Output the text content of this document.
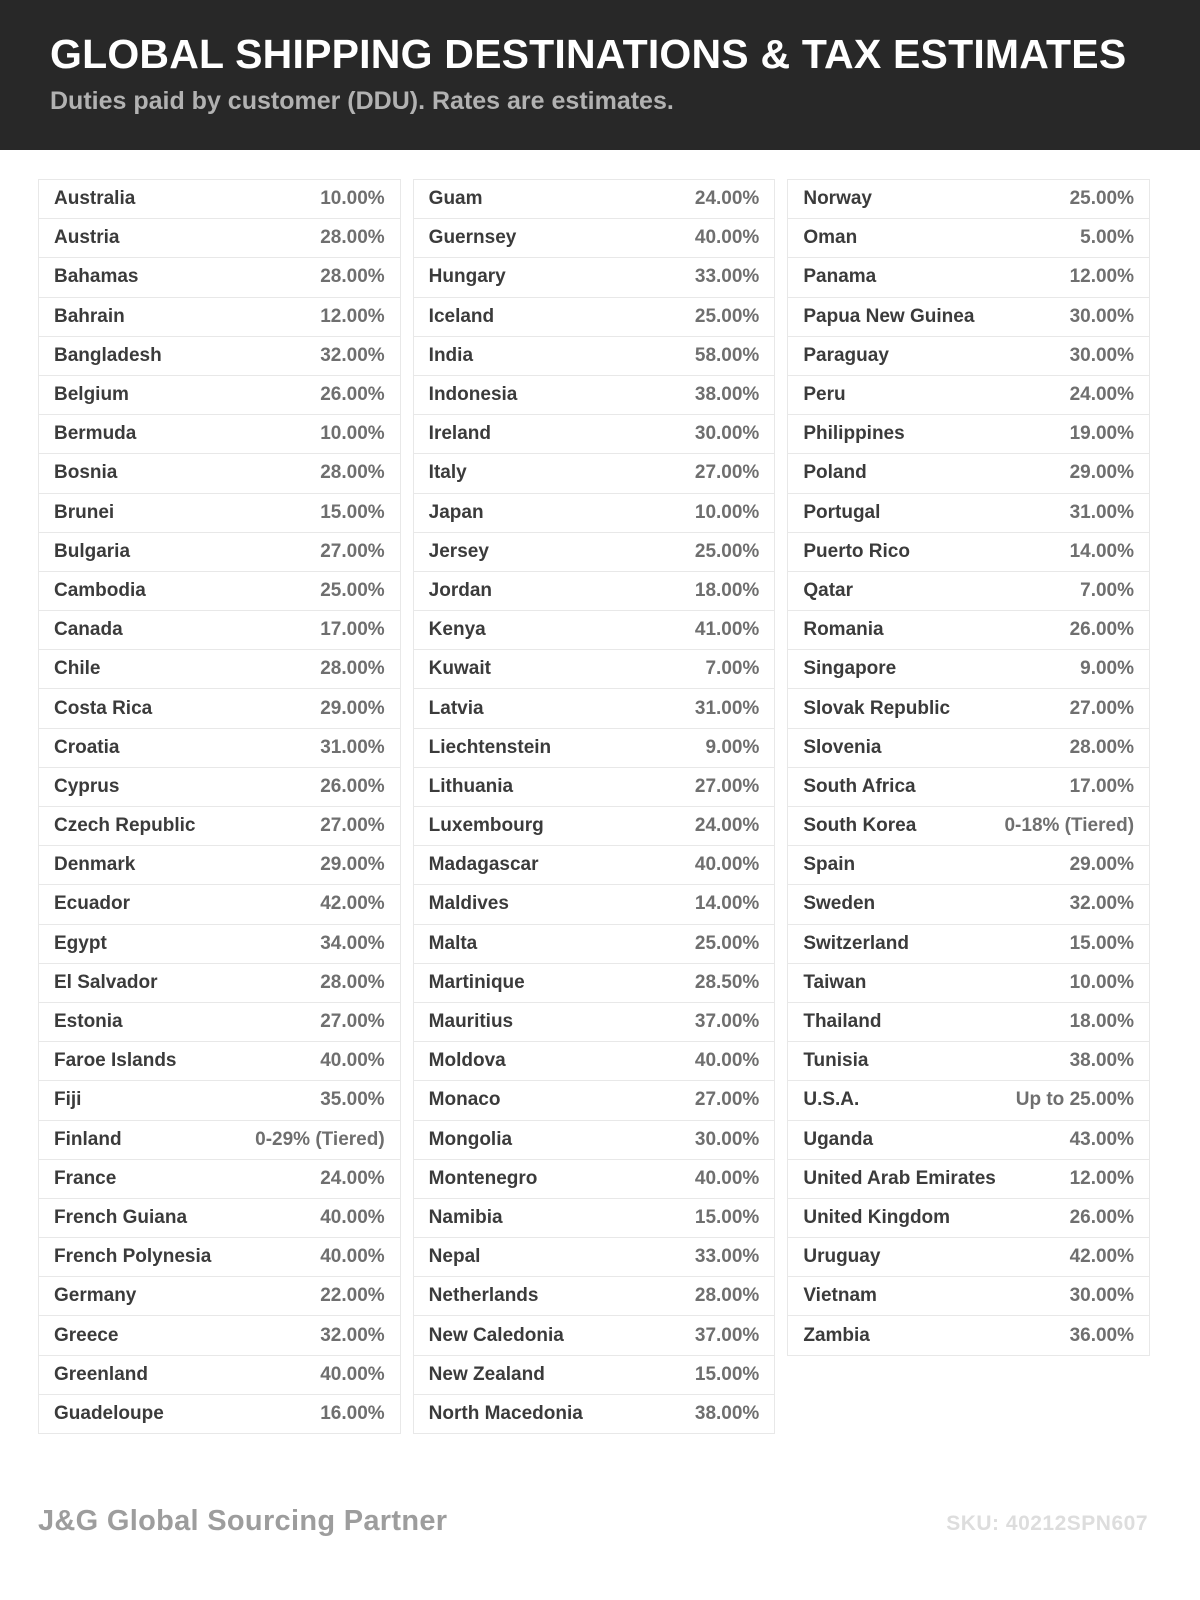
GLOBAL SHIPPING DESTINATIONS & TAX ESTIMATES
Duties paid by customer (DDU). Rates are estimates.
Australia	10.00%
Austria	28.00%
Bahamas	28.00%
Bahrain	12.00%
Bangladesh	32.00%
Belgium	26.00%
Bermuda	10.00%
Bosnia	28.00%
Brunei	15.00%
Bulgaria	27.00%
Cambodia	25.00%
Canada	17.00%
Chile	28.00%
Costa Rica	29.00%
Croatia	31.00%
Cyprus	26.00%
Czech Republic	27.00%
Denmark	29.00%
Ecuador	42.00%
Egypt	34.00%
El Salvador	28.00%
Estonia	27.00%
Faroe Islands	40.00%
Fiji	35.00%
Finland	0-29% (Tiered)
France	24.00%
French Guiana	40.00%
French Polynesia	40.00%
Germany	22.00%
Greece	32.00%
Greenland	40.00%
Guadeloupe	16.00%
Guam	24.00%
Guernsey	40.00%
Hungary	33.00%
Iceland	25.00%
India	58.00%
Indonesia	38.00%
Ireland	30.00%
Italy	27.00%
Japan	10.00%
Jersey	25.00%
Jordan	18.00%
Kenya	41.00%
Kuwait	7.00%
Latvia	31.00%
Liechtenstein	9.00%
Lithuania	27.00%
Luxembourg	24.00%
Madagascar	40.00%
Maldives	14.00%
Malta	25.00%
Martinique	28.50%
Mauritius	37.00%
Moldova	40.00%
Monaco	27.00%
Mongolia	30.00%
Montenegro	40.00%
Namibia	15.00%
Nepal	33.00%
Netherlands	28.00%
New Caledonia	37.00%
New Zealand	15.00%
North Macedonia	38.00%
Norway	25.00%
Oman	5.00%
Panama	12.00%
Papua New Guinea	30.00%
Paraguay	30.00%
Peru	24.00%
Philippines	19.00%
Poland	29.00%
Portugal	31.00%
Puerto Rico	14.00%
Qatar	7.00%
Romania	26.00%
Singapore	9.00%
Slovak Republic	27.00%
Slovenia	28.00%
South Africa	17.00%
South Korea	0-18% (Tiered)
Spain	29.00%
Sweden	32.00%
Switzerland	15.00%
Taiwan	10.00%
Thailand	18.00%
Tunisia	38.00%
U.S.A.	Up to 25.00%
Uganda	43.00%
United Arab Emirates	12.00%
United Kingdom	26.00%
Uruguay	42.00%
Vietnam	30.00%
Zambia	36.00%
J&G Global Sourcing Partner	SKU: 40212SPN607
